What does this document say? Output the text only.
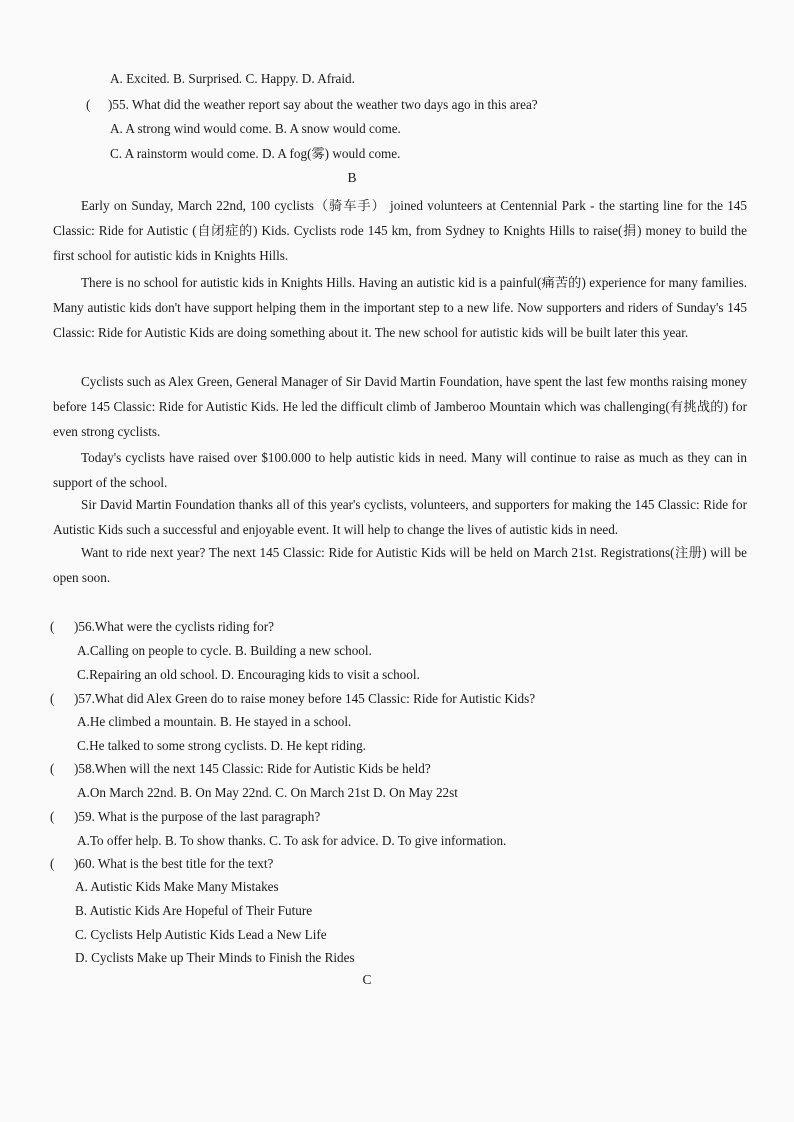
A. Excited. B. Surprised. C. Happy. D. Afraid.
( )55. What did the weather report say about the weather two days ago in this area?
A. A strong wind would come. B. A snow would come.
C. A rainstorm would come. D. A fog(雾) would come.
B
Early on Sunday, March 22nd, 100 cyclists（骑车手） joined volunteers at Centennial Park - the starting line for the 145 Classic: Ride for Autistic (自闭症的) Kids. Cyclists rode 145 km, from Sydney to Knights Hills to raise(捐) money to build the first school for autistic kids in Knights Hills.
There is no school for autistic kids in Knights Hills. Having an autistic kid is a painful(痛苦的) experience for many families. Many autistic kids don't have support helping them in the important step to a new life. Now supporters and riders of Sunday's 145 Classic: Ride for Autistic Kids are doing something about it. The new school for autistic kids will be built later this year.
Cyclists such as Alex Green, General Manager of Sir David Martin Foundation, have spent the last few months raising money before 145 Classic: Ride for Autistic Kids. He led the difficult climb of Jamberoo Mountain which was challenging(有挑战的) for even strong cyclists.
Today's cyclists have raised over $100.000 to help autistic kids in need. Many will continue to raise as much as they can in support of the school.
Sir David Martin Foundation thanks all of this year's cyclists, volunteers, and supporters for making the 145 Classic: Ride for Autistic Kids such a successful and enjoyable event. It will help to change the lives of autistic kids in need.
Want to ride next year? The next 145 Classic: Ride for Autistic Kids will be held on March 21st. Registrations(注册) will be open soon.
( )56.What were the cyclists riding for?
A.Calling on people to cycle. B. Building a new school.
C.Repairing an old school. D. Encouraging kids to visit a school.
( )57.What did Alex Green do to raise money before 145 Classic: Ride for Autistic Kids?
A.He climbed a mountain. B. He stayed in a school.
C.He talked to some strong cyclists. D. He kept riding.
( )58.When will the next 145 Classic: Ride for Autistic Kids be held?
A.On March 22nd. B. On May 22nd. C. On March 21st D. On May 22st
( )59. What is the purpose of the last paragraph?
A.To offer help. B. To show thanks. C. To ask for advice. D. To give information.
( )60. What is the best title for the text?
A. Autistic Kids Make Many Mistakes
B. Autistic Kids Are Hopeful of Their Future
C. Cyclists Help Autistic Kids Lead a New Life
D. Cyclists Make up Their Minds to Finish the Rides
C
